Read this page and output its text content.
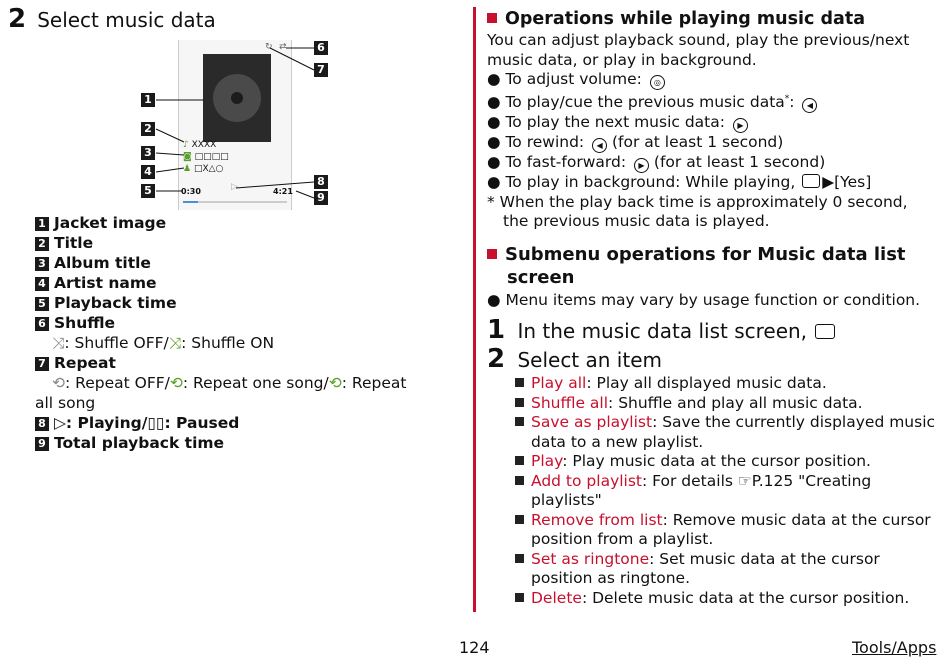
2 Select music data
⇄
↻
♪ XXXX
◙ □□□□
♟ □X△○
0:30	▷	4:21
1
2
3
4
5
6
7
8
9
1 Jacket image
2 Title
3 Album title
4 Artist name
5 Playback time
6 Shuffle
⤨: Shuffle OFF/⤨: Shuffle ON
7 Repeat
⟲: Repeat OFF/⟲: Repeat one song/⟲: Repeat
all song
8 ▷: Playing/▯▯: Paused
9 Total playback time
Operations while playing music data
You can adjust playback sound, play the previous/next
music data, or play in background.
● To adjust volume: ◎
● To play/cue the previous music data*: ◀
● To play the next music data: ▶
● To rewind: ◀ (for at least 1 second)
● To fast-forward: ▶ (for at least 1 second)
● To play in background: While playing, ▶[Yes]
* When the play back time is approximately 0 second,
the previous music data is played.
Submenu operations for Music data list
screen
● Menu items may vary by usage function or condition.
1 In the music data list screen,
2 Select an item
Play all: Play all displayed music data.
Shuffle all: Shuffle and play all music data.
Save as playlist: Save the currently displayed music
data to a new playlist.
Play: Play music data at the cursor position.
Add to playlist: For details ☞P.125 "Creating
playlists"
Remove from list: Remove music data at the cursor
position from a playlist.
Set as ringtone: Set music data at the cursor
position as ringtone.
Delete: Delete music data at the cursor position.
124	Tools/Apps
